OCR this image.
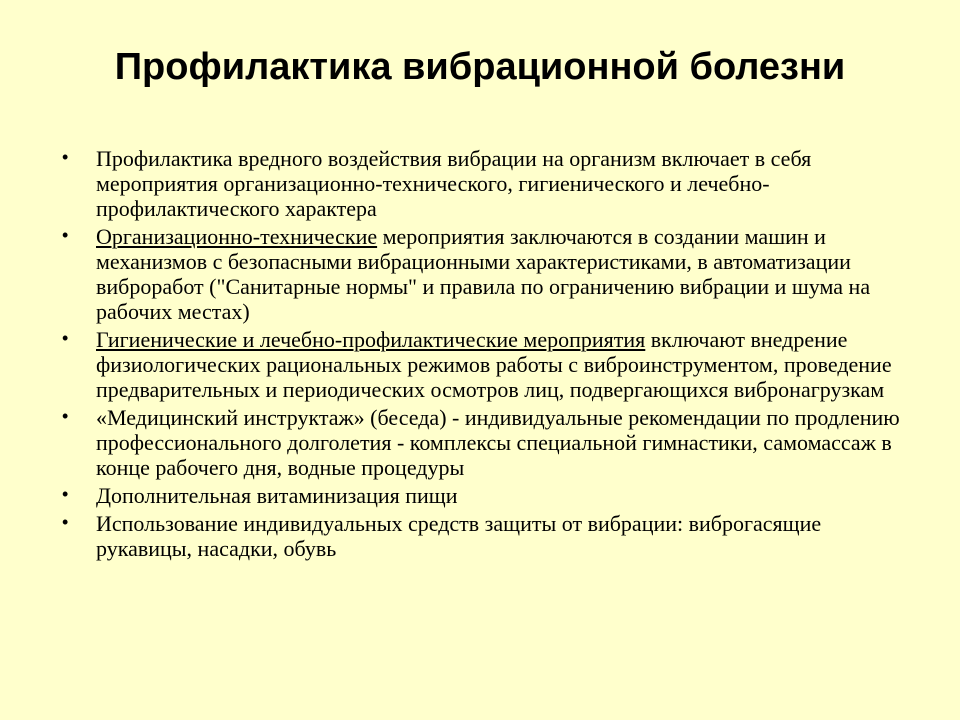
Профилактика вибрационной болезни
• Профилактика вредного воздействия вибрации на организм включает в себя мероприятия организационно-технического, гигиенического и лечебно-профилактического характера
• Организационно-технические мероприятия заключаются в создании машин и механизмов с безопасными вибрационными характеристиками, в автоматизации виброработ ("Санитарные нормы" и правила по ограничению вибрации и шума на рабочих местах)
• Гигиенические и лечебно-профилактические мероприятия включают внедрение физиологических рациональных режимов работы с виброинструментом, проведение предварительных и периодических осмотров лиц, подвергающихся вибронагрузкам
• «Медицинский инструктаж» (беседа) - индивидуальные рекомендации по продлению профессионального долголетия - комплексы специальной гимнастики, самомассаж в конце рабочего дня, водные процедуры
• Дополнительная витаминизация пищи
• Использование индивидуальных средств защиты от вибрации: виброгасящие рукавицы, насадки, обувь
